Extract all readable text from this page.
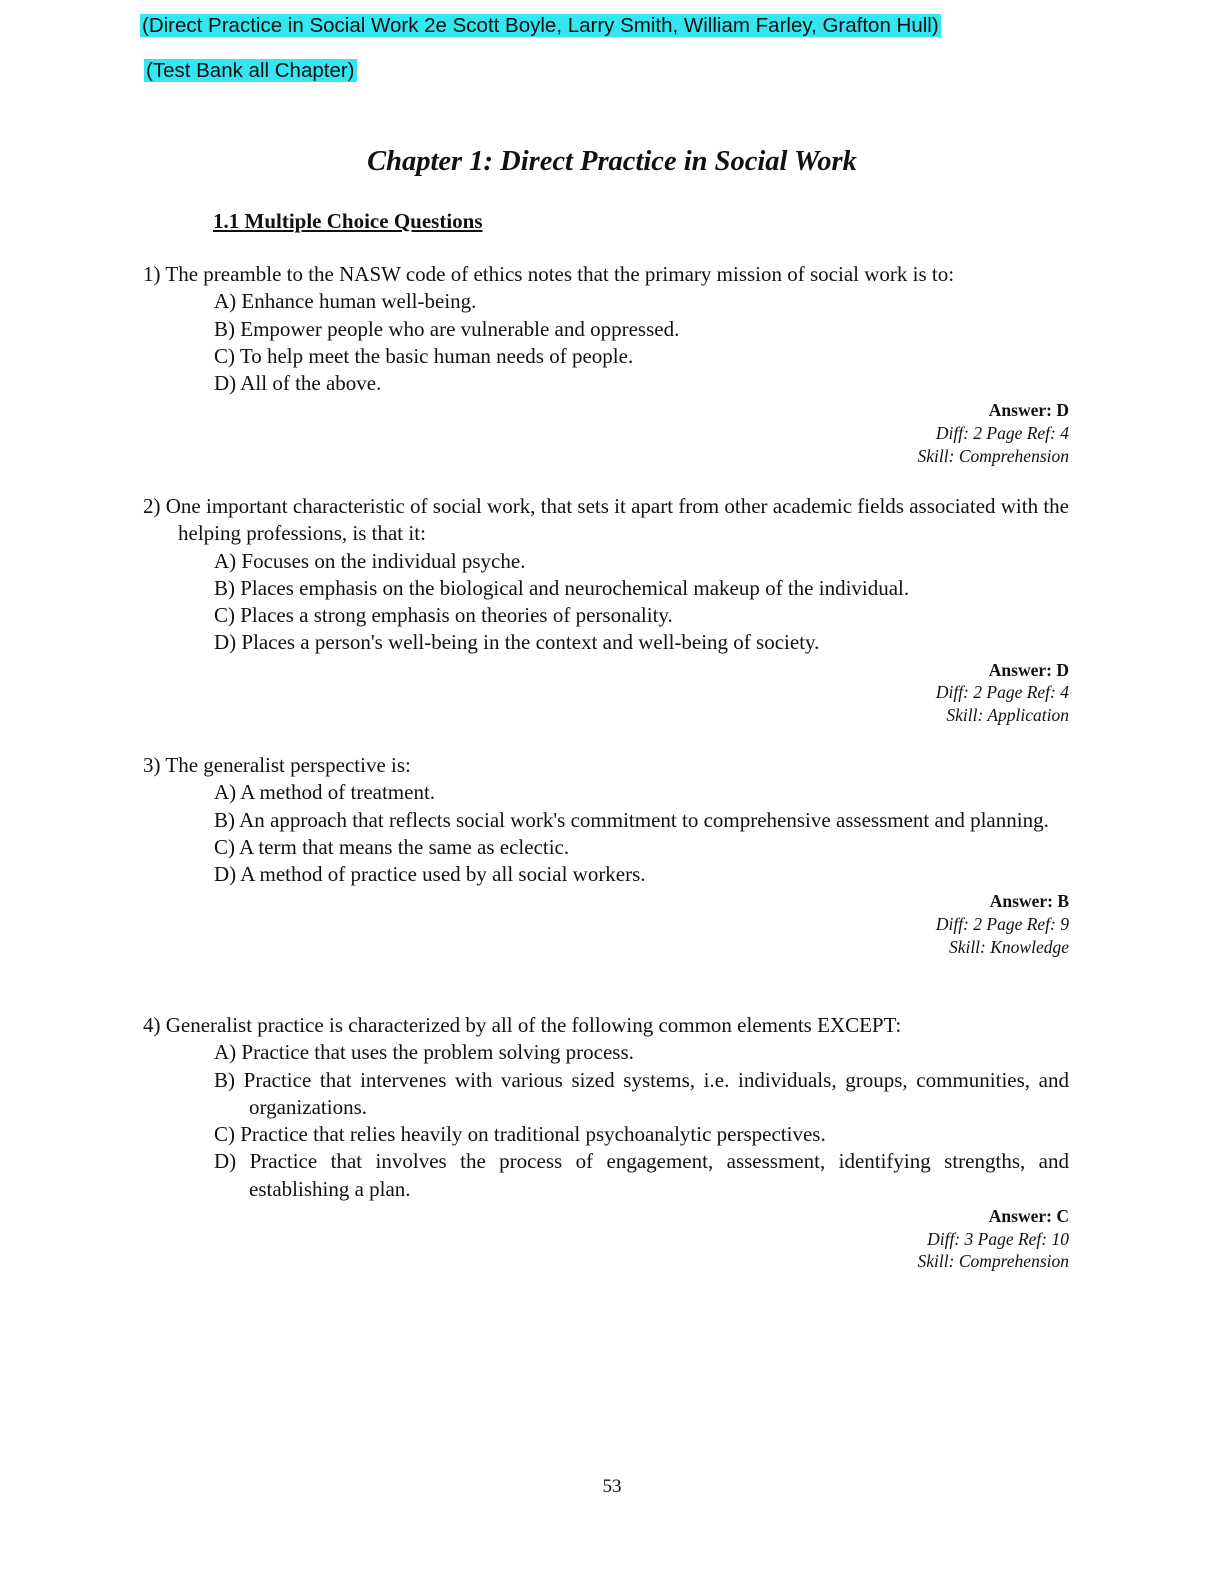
(Direct Practice in Social Work 2e Scott Boyle, Larry Smith, William Farley, Grafton Hull)
(Test Bank all Chapter)
Chapter 1: Direct Practice in Social Work
1.1 Multiple Choice Questions
1) The preamble to the NASW code of ethics notes that the primary mission of social work is to:
A) Enhance human well-being.
B) Empower people who are vulnerable and oppressed.
C) To help meet the basic human needs of people.
D) All of the above.
Answer: D
Diff: 2 Page Ref: 4
Skill: Comprehension
2) One important characteristic of social work, that sets it apart from other academic fields associated with the helping professions, is that it:
A) Focuses on the individual psyche.
B) Places emphasis on the biological and neurochemical makeup of the individual.
C) Places a strong emphasis on theories of personality.
D) Places a person's well-being in the context and well-being of society.
Answer: D
Diff: 2 Page Ref: 4
Skill: Application
3) The generalist perspective is:
A) A method of treatment.
B) An approach that reflects social work's commitment to comprehensive assessment and planning.
C) A term that means the same as eclectic.
D) A method of practice used by all social workers.
Answer: B
Diff: 2 Page Ref: 9
Skill: Knowledge
4) Generalist practice is characterized by all of the following common elements EXCEPT:
A) Practice that uses the problem solving process.
B) Practice that intervenes with various sized systems, i.e. individuals, groups, communities, and organizations.
C) Practice that relies heavily on traditional psychoanalytic perspectives.
D) Practice that involves the process of engagement, assessment, identifying strengths, and establishing a plan.
Answer: C
Diff: 3 Page Ref: 10
Skill: Comprehension
53
